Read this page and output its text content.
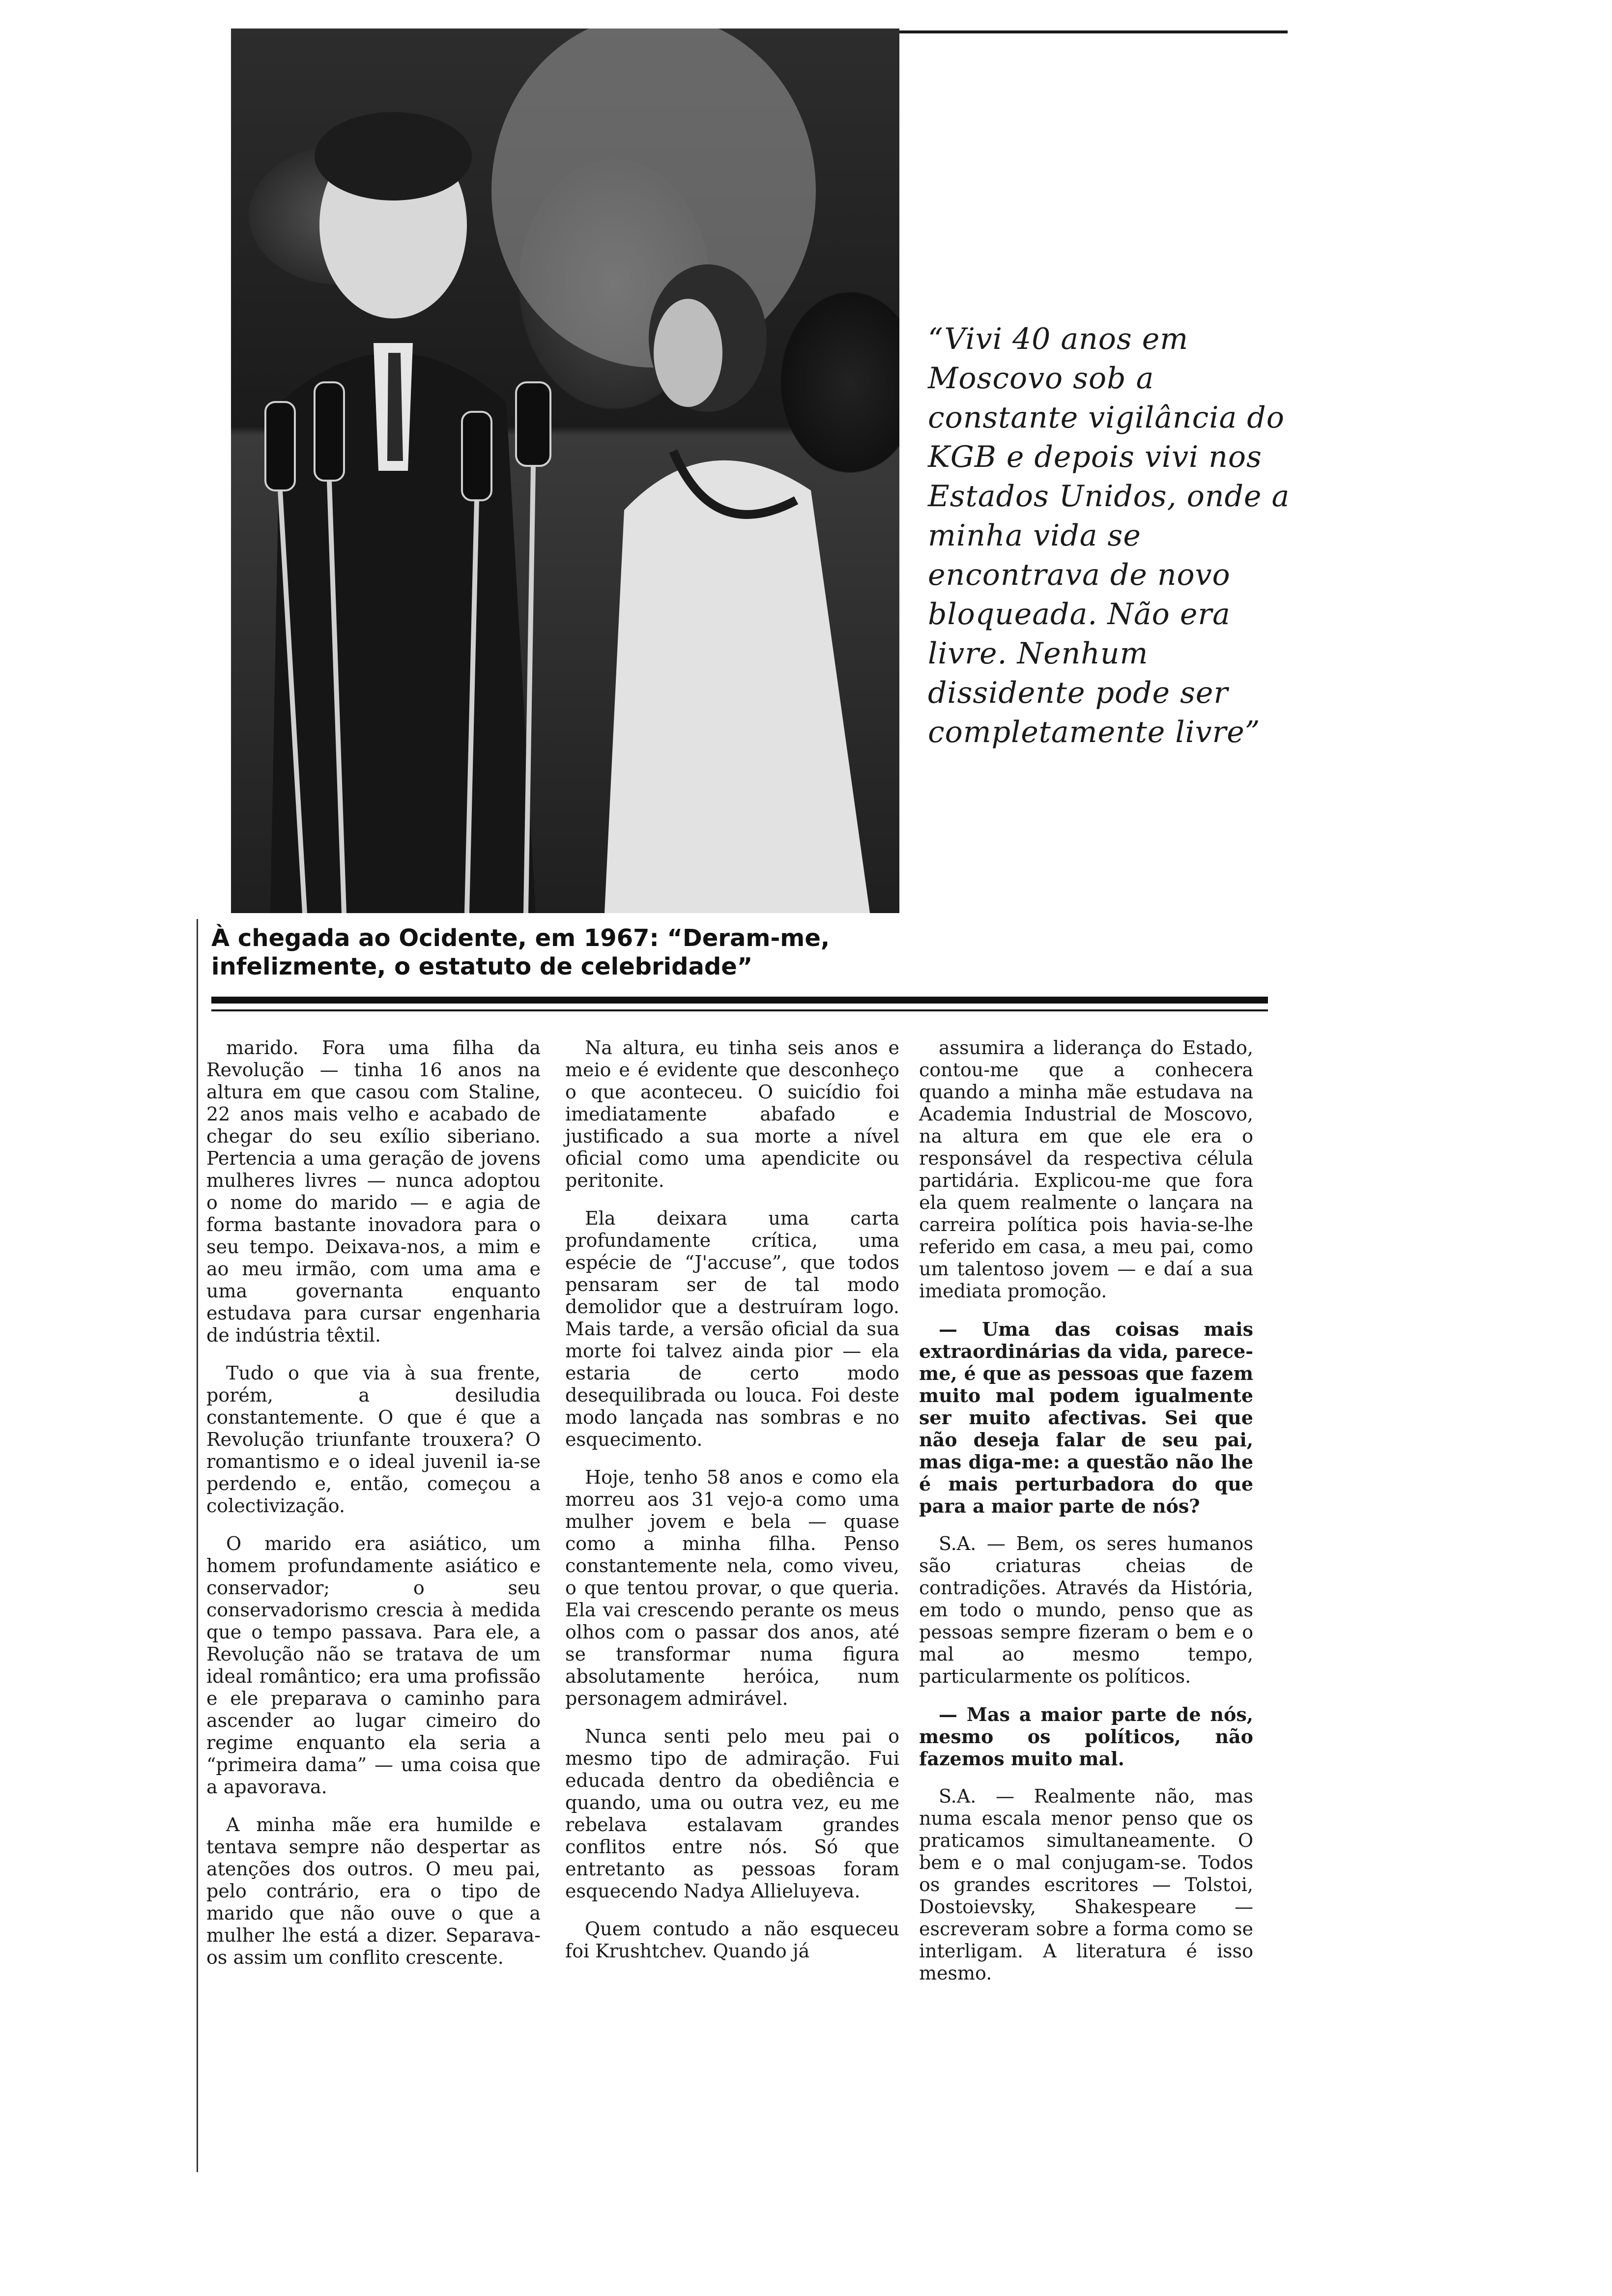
“Vivi 40 anos em Moscovo sob a constante vigilância do KGB e depois vivi nos Estados Unidos, onde a minha vida se encontrava de novo bloqueada. Não era livre. Nenhum dissidente pode ser completamente livre”
À chegada ao Ocidente, em 1967: “Deram-me, infelizmente, o estatuto de celebridade”

marido. Fora uma filha da Revolução — tinha 16 anos na altura em que casou com Staline, 22 anos mais velho e acabado de chegar do seu exílio siberiano. Pertencia a uma geração de jovens mulheres livres — nunca adoptou o nome do marido — e agia de forma bastante inovadora para o seu tempo. Deixava-nos, a mim e ao meu irmão, com uma ama e uma governanta enquanto estudava para cursar engenharia de indústria têxtil.

Tudo o que via à sua frente, porém, a desiludia constantemente. O que é que a Revolução triunfante trouxera? O romantismo e o ideal juvenil ia-se perdendo e, então, começou a colectivização.

O marido era asiático, um homem profundamente asiático e conservador; o seu conservadorismo crescia à medida que o tempo passava. Para ele, a Revolução não se tratava de um ideal romântico; era uma profissão e ele preparava o caminho para ascender ao lugar cimeiro do regime enquanto ela seria a “primeira dama” — uma coisa que a apavorava.

A minha mãe era humilde e tentava sempre não despertar as atenções dos outros. O meu pai, pelo contrário, era o tipo de marido que não ouve o que a mulher lhe está a dizer. Separava-os assim um conflito crescente.

Na altura, eu tinha seis anos e meio e é evidente que desconheço o que aconteceu. O suicídio foi imediatamente abafado e justificado a sua morte a nível oficial como uma apendicite ou peritonite.

Ela deixara uma carta profundamente crítica, uma espécie de “J'accuse”, que todos pensaram ser de tal modo demolidor que a destruíram logo. Mais tarde, a versão oficial da sua morte foi talvez ainda pior — ela estaria de certo modo desequilibrada ou louca. Foi deste modo lançada nas sombras e no esquecimento.

Hoje, tenho 58 anos e como ela morreu aos 31 vejo-a como uma mulher jovem e bela — quase como a minha filha. Penso constantemente nela, como viveu, o que tentou provar, o que queria. Ela vai crescendo perante os meus olhos com o passar dos anos, até se transformar numa figura absolutamente heróica, num personagem admirável.

Nunca senti pelo meu pai o mesmo tipo de admiração. Fui educada dentro da obediência e quando, uma ou outra vez, eu me rebelava estalavam grandes conflitos entre nós. Só que entretanto as pessoas foram esquecendo Nadya Allieluyeva.

Quem contudo a não esqueceu foi Krushtchev. Quando já

assumira a liderança do Estado, contou-me que a conhecera quando a minha mãe estudava na Academia Industrial de Moscovo, na altura em que ele era o responsável da respectiva célula partidária. Explicou-me que fora ela quem realmente o lançara na carreira política pois havia-se-lhe referido em casa, a meu pai, como um talentoso jovem — e daí a sua imediata promoção.

— Uma das coisas mais extraordinárias da vida, parece-me, é que as pessoas que fazem muito mal podem igualmente ser muito afectivas. Sei que não deseja falar de seu pai, mas diga-me: a questão não lhe é mais perturbadora do que para a maior parte de nós?

S.A. — Bem, os seres humanos são criaturas cheias de contradições. Através da História, em todo o mundo, penso que as pessoas sempre fizeram o bem e o mal ao mesmo tempo, particularmente os políticos.

— Mas a maior parte de nós, mesmo os políticos, não fazemos muito mal.

S.A. — Realmente não, mas numa escala menor penso que os praticamos simultaneamente. O bem e o mal conjugam-se. Todos os grandes escritores — Tolstoi, Dostoievsky, Shakespeare — escreveram sobre a forma como se interligam. A literatura é isso mesmo.
